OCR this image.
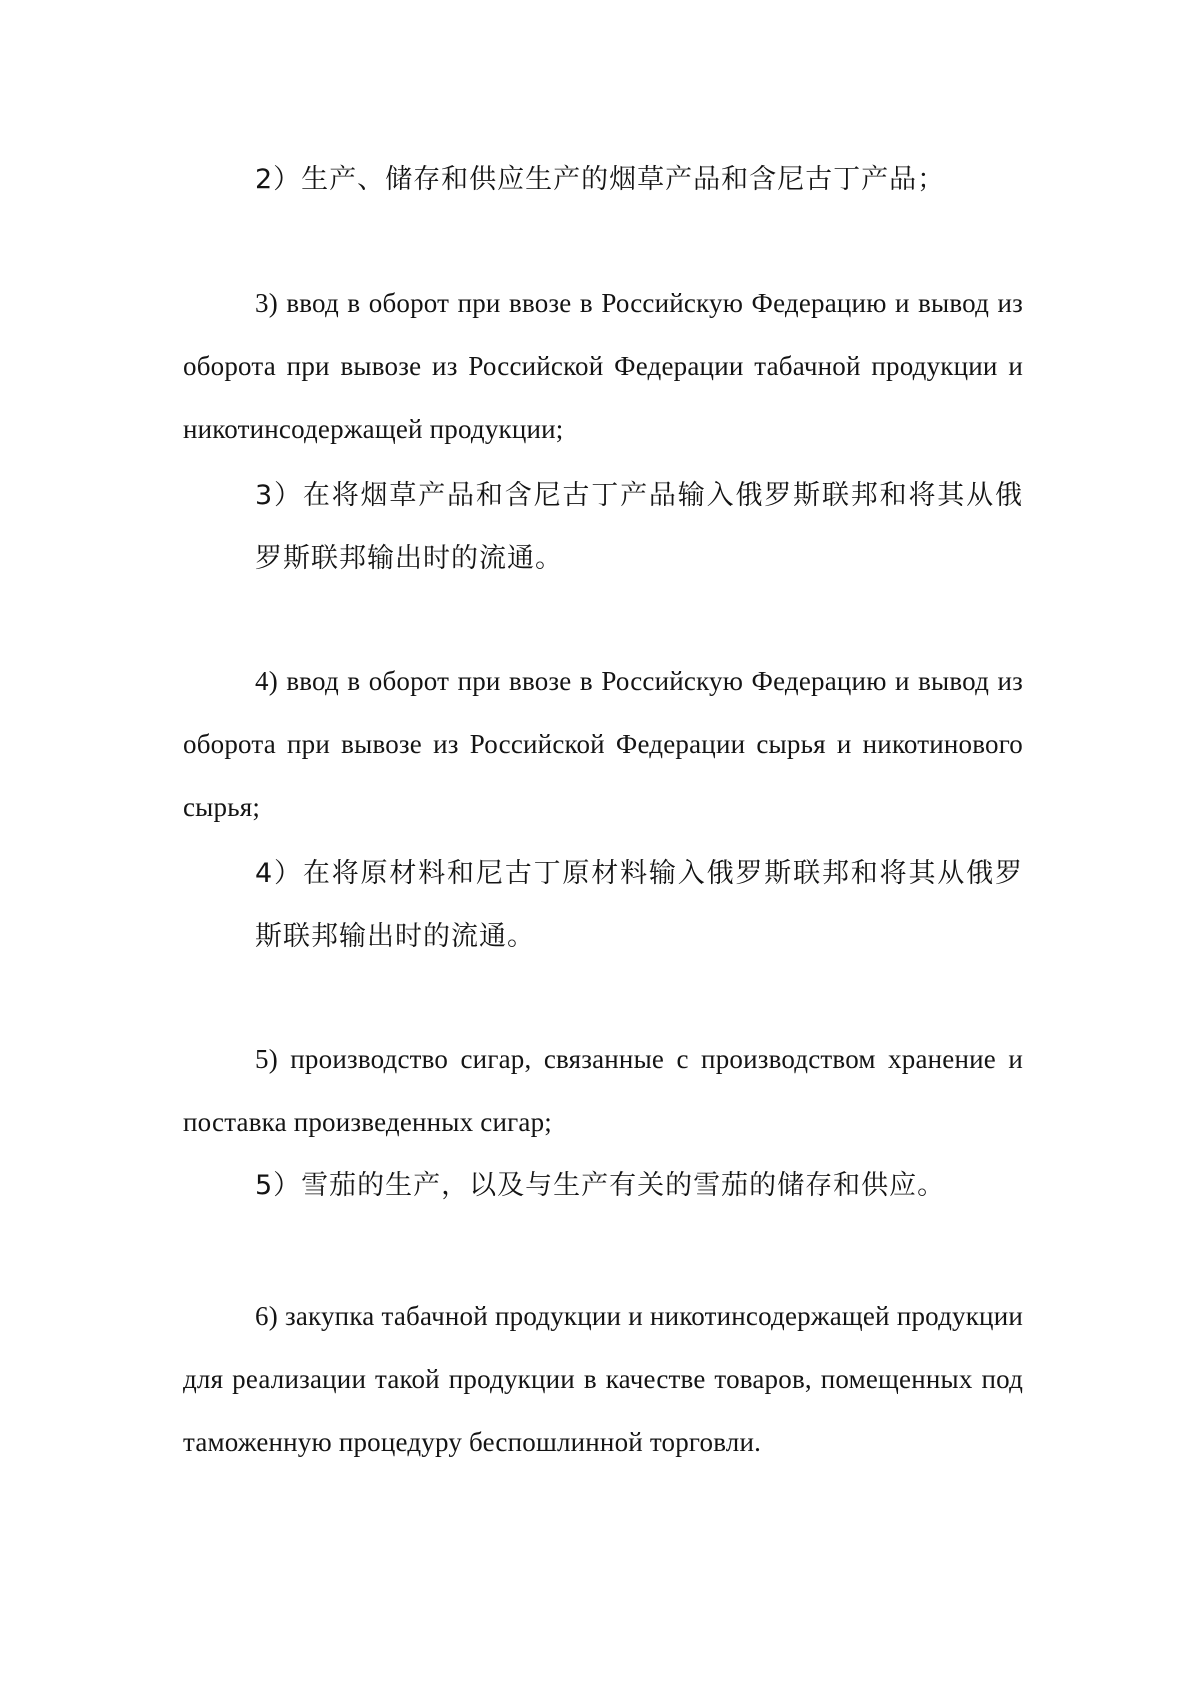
2）生产、储存和供应生产的烟草产品和含尼古丁产品；

3) ввод в оборот при ввозе в Российскую Федерацию и вывод из оборота при вывозе из Российской Федерации табачной продукции и никотинсодержащей продукции;

3）在将烟草产品和含尼古丁产品输入俄罗斯联邦和将其从俄罗斯联邦输出时的流通。

4) ввод в оборот при ввозе в Российскую Федерацию и вывод из оборота при вывозе из Российской Федерации сырья и никотинового сырья;

4）在将原材料和尼古丁原材料输入俄罗斯联邦和将其从俄罗斯联邦输出时的流通。

5) производство сигар, связанные с производством хранение и поставка произведенных сигар;

5）雪茄的生产，以及与生产有关的雪茄的储存和供应。

6) закупка табачной продукции и никотинсодержащей продукции для реализации такой продукции в качестве товаров, помещенных под таможенную процедуру беспошлинной торговли.
